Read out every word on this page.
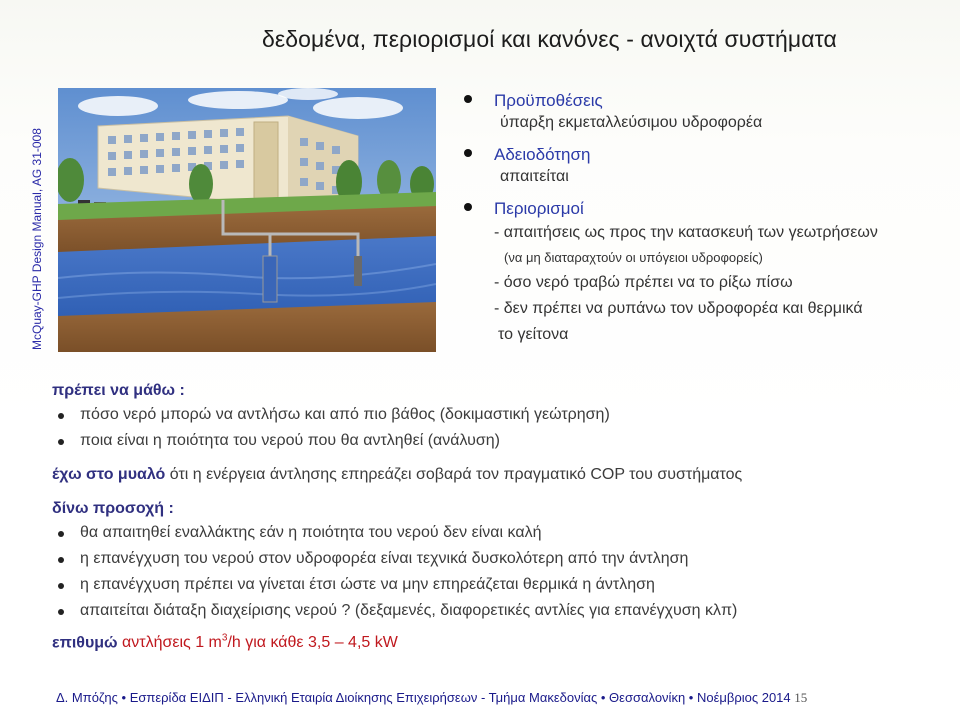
δεδομένα, περιορισμοί και κανόνες - ανοιχτά συστήματα
McQuay-GHP Design Manual, AG 31-008
Προϋποθέσεις
ύπαρξη εκμεταλλεύσιμου υδροφορέα
Αδειοδότηση
απαιτείται
Περιορισμοί
- απαιτήσεις ως προς την κατασκευή των γεωτρήσεων
(να μη διαταραχτούν οι υπόγειοι υδροφορείς)
- όσο νερό τραβώ πρέπει να το ρίξω πίσω
- δεν πρέπει να ρυπάνω τον υδροφορέα και θερμικά
το γείτονα
πρέπει να μάθω :
πόσο νερό μπορώ να αντλήσω και από πιο βάθος (δοκιμαστική γεώτρηση)
ποια είναι η ποιότητα του νερού που θα αντληθεί (ανάλυση)
έχω στο μυαλό ότι η ενέργεια άντλησης επηρεάζει σοβαρά τον πραγματικό COP του συστήματος
δίνω προσοχή :
θα απαιτηθεί εναλλάκτης εάν η ποιότητα του νερού δεν είναι καλή
η επανέγχυση του νερού στον υδροφορέα είναι τεχνικά δυσκολότερη από την άντληση
η επανέγχυση πρέπει να γίνεται έτσι ώστε να μην επηρεάζεται θερμικά η άντληση
απαιτείται διάταξη διαχείρισης νερού ? (δεξαμενές, διαφορετικές αντλίες για επανέγχυση κλπ)
επιθυμώ αντλήσεις 1 $m^3/h$ για κάθε 3,5 – 4,5 kW
Δ. Μπόζης • Εσπερίδα ΕΙΔΙΠ - Ελληνική Εταιρία Διοίκησης Επιχειρήσεων - Τμήμα Μακεδονίας • Θεσσαλονίκη • Νοέμβριος 2014 15
